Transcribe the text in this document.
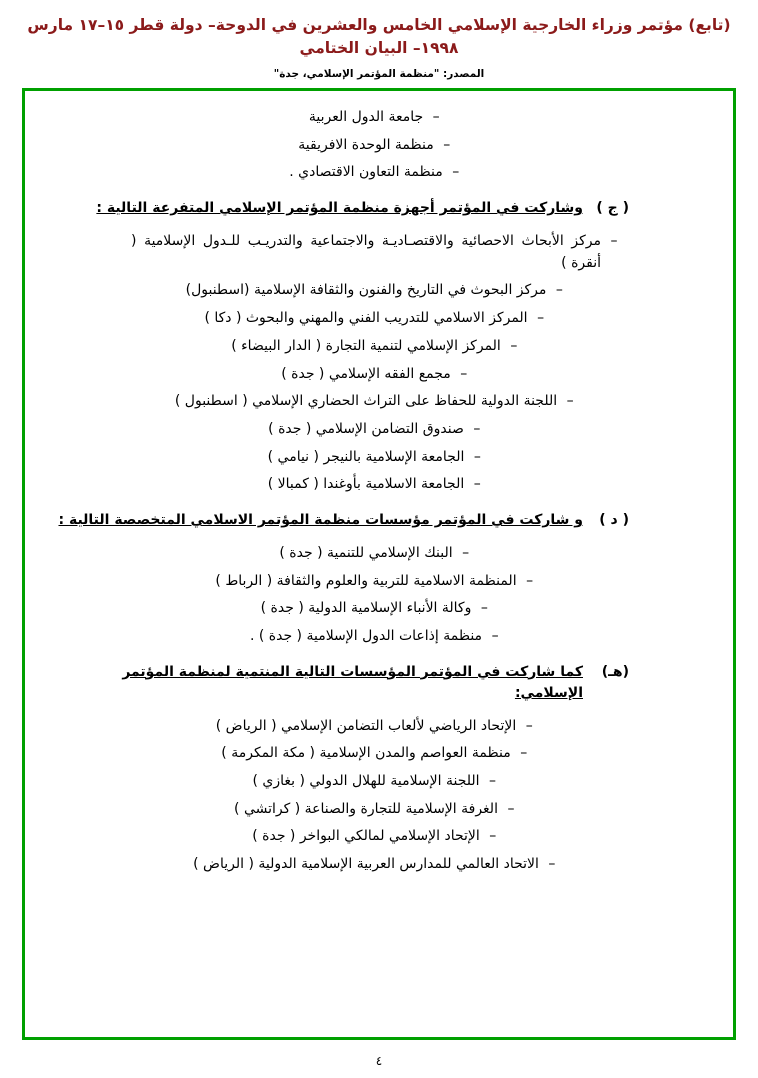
(تابع) مؤتمر وزراء الخارجية الإسلامي الخامس والعشرين في الدوحة– دولة قطر ١٥–١٧ مارس ١٩٩٨– البيان الختامي
المصدر: "منظمة المؤتمر الإسلامي، جدة"
–
جامعة الدول العربية
–
منظمة الوحدة الافريقية
–
منظمة التعاون الاقتصادي .
( ج )
وشاركت في المؤتمر أجهزة منظمة المؤتمر الإسلامي المتفرعة التالية :
–
مركز الأبحاث الاحصائية والاقتصـاديـة والاجتماعية والتدريـب للـدول الإسلامية ( أنقرة )
–
مركز البحوث في التاريخ والفنون والثقافة الإسلامية (اسطنبول)
–
المركز الاسلامي للتدريب الفني والمهني والبحوث ( دكا )
–
المركز الإسلامي لتنمية التجارة ( الدار البيضاء )
–
مجمع الفقه الإسلامي ( جدة )
–
اللجنة الدولية للحفاظ على التراث الحضاري الإسلامي ( اسطنبول )
–
صندوق التضامن الإسلامي ( جدة )
–
الجامعة الإسلامية بالنيجر ( نيامي )
–
الجامعة الاسلامية بأوغندا ( كمبالا )
( د )
و شاركت في المؤتمر مؤسسات منظمة المؤتمر الاسلامي المتخصصة التالية :
–
البنك الإسلامي للتنمية ( جدة )
–
المنظمة الاسلامية للتربية والعلوم والثقافة ( الرباط )
–
وكالة الأنباء الإسلامية الدولية ( جدة )
–
منظمة إذاعات الدول الإسلامية ( جدة ) .
(هـ)
كما شاركت في المؤتمر المؤسسات التالية المنتمية لمنظمة المؤتمر الإسلامي:
–
الإتحاد الرياضي لألعاب التضامن الإسلامي ( الرياض )
–
منظمة العواصم والمدن الإسلامية ( مكة المكرمة )
–
اللجنة الإسلامية للهلال الدولي ( بغازي )
–
الغرفة الإسلامية للتجارة والصناعة ( كراتشي )
–
الإتحاد الإسلامي لمالكي البواخر ( جدة )
–
الاتحاد العالمي للمدارس العربية الإسلامية الدولية ( الرياض )
٤
